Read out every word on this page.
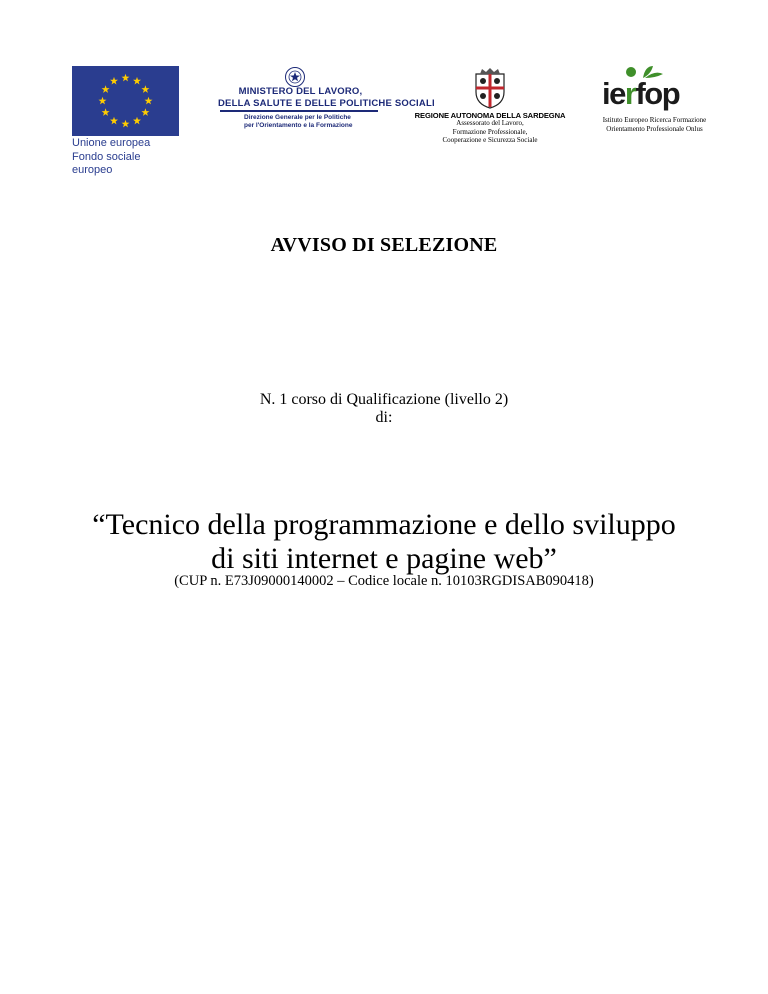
Unione europea
Fondo sociale europeo
MINISTERO DEL LAVORO,
DELLA SALUTE E DELLE POLITICHE SOCIALI
Direzione Generale per le Politiche
per l'Orientamento e la Formazione
REGIONE AUTONOMA DELLA SARDEGNA
Assessorato del Lavoro,
Formazione Professionale,
Cooperazione e Sicurezza Sociale
ierfop
Istituto Europeo Ricerca Formazione
Orientamento Professionale Onlus
AVVISO DI SELEZIONE
N. 1 corso di Qualificazione (livello 2)
di:
“Tecnico della programmazione e dello sviluppo
di siti internet e pagine web”
(CUP n. E73J09000140002 – Codice locale n. 10103RGDISAB090418)
